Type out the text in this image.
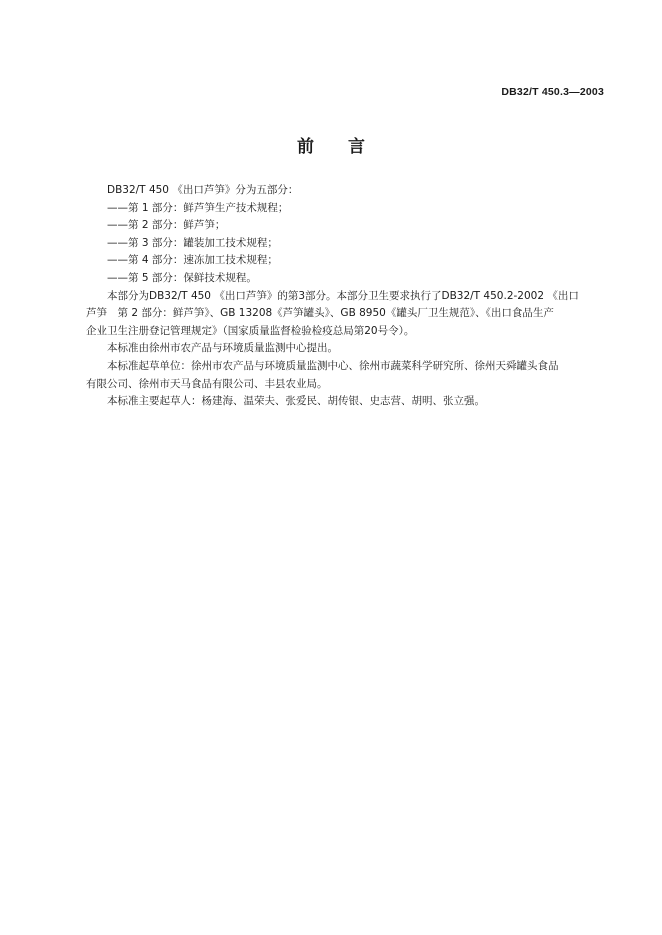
DB32/T 450.3—2003
前言
DB32/T 450 《出口芦笋》分为五部分：
——第 1 部分：鲜芦笋生产技术规程；
——第 2 部分：鲜芦笋；
——第 3 部分：罐装加工技术规程；
——第 4 部分：速冻加工技术规程；
——第 5 部分：保鲜技术规程。
本部分为DB32/T 450 《出口芦笋》的第3部分。本部分卫生要求执行了DB32/T 450.2-2002 《出口
芦笋　第 2 部分：鲜芦笋》、GB 13208《芦笋罐头》、GB 8950《罐头厂卫生规范》、《出口食品生产
企业卫生注册登记管理规定》（国家质量监督检验检疫总局第20号令）。
本标准由徐州市农产品与环境质量监测中心提出。
本标准起草单位：徐州市农产品与环境质量监测中心、徐州市蔬菜科学研究所、徐州天舜罐头食品
有限公司、徐州市天马食品有限公司、丰县农业局。
本标准主要起草人：杨建海、温荣夫、张爱民、胡传银、史志营、胡明、张立强。
